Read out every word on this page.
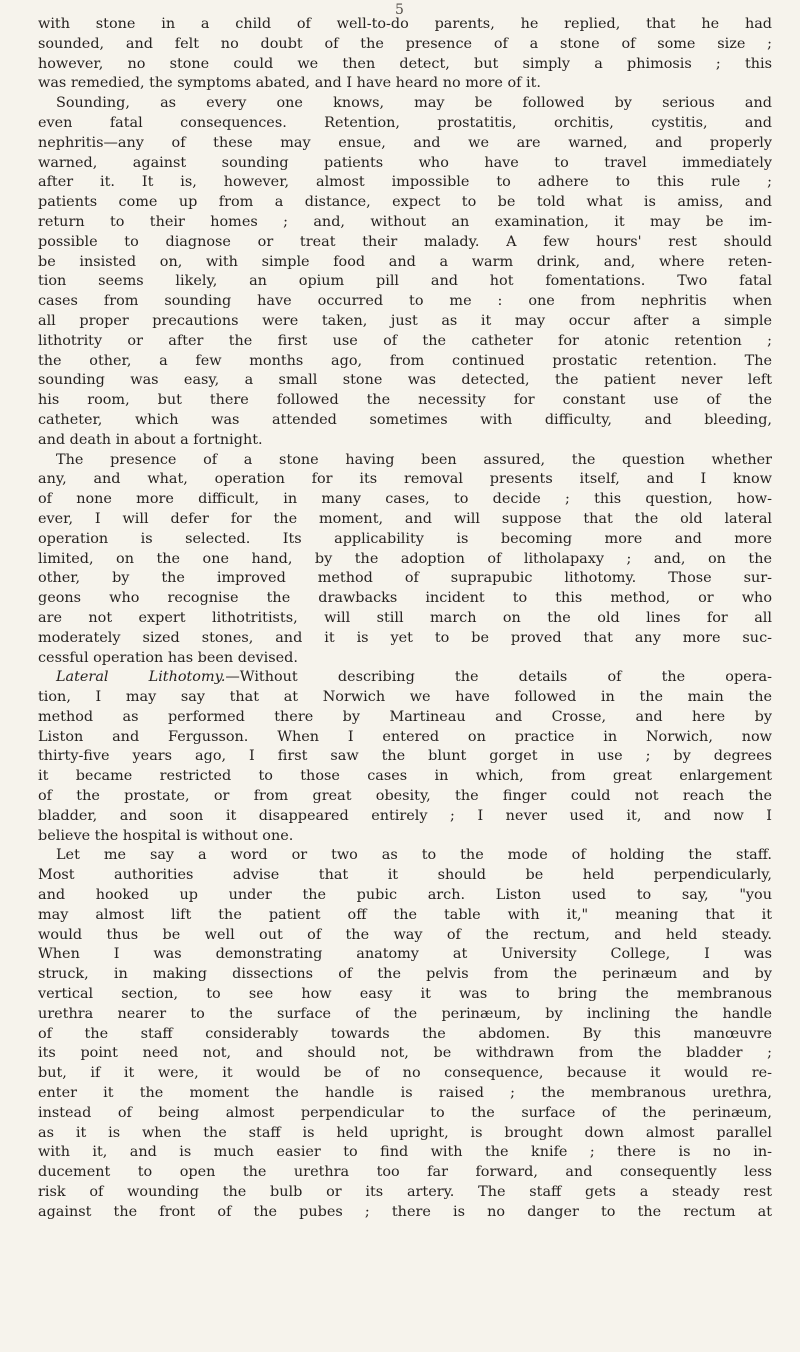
5
with stone in a child of well-to-do parents, he replied, that he had
sounded, and felt no doubt of the presence of a stone of some size ;
however, no stone could we then detect, but simply a phimosis ; this
was remedied, the symptoms abated, and I have heard no more of it.
Sounding, as every one knows, may be followed by serious and
even fatal consequences. Retention, prostatitis, orchitis, cystitis, and
nephritis—any of these may ensue, and we are warned, and properly
warned, against sounding patients who have to travel immediately
after it. It is, however, almost impossible to adhere to this rule ;
patients come up from a distance, expect to be told what is amiss, and
return to their homes ; and, without an examination, it may be im-
possible to diagnose or treat their malady. A few hours' rest should
be insisted on, with simple food and a warm drink, and, where reten-
tion seems likely, an opium pill and hot fomentations. Two fatal
cases from sounding have occurred to me : one from nephritis when
all proper precautions were taken, just as it may occur after a simple
lithotrity or after the first use of the catheter for atonic retention ;
the other, a few months ago, from continued prostatic retention. The
sounding was easy, a small stone was detected, the patient never left
his room, but there followed the necessity for constant use of the
catheter, which was attended sometimes with difficulty, and bleeding,
and death in about a fortnight.
The presence of a stone having been assured, the question whether
any, and what, operation for its removal presents itself, and I know
of none more difficult, in many cases, to decide ; this question, how-
ever, I will defer for the moment, and will suppose that the old lateral
operation is selected. Its applicability is becoming more and more
limited, on the one hand, by the adoption of litholapaxy ; and, on the
other, by the improved method of suprapubic lithotomy. Those sur-
geons who recognise the drawbacks incident to this method, or who
are not expert lithotritists, will still march on the old lines for all
moderately sized stones, and it is yet to be proved that any more suc-
cessful operation has been devised.
Lateral Lithotomy.—Without describing the details of the opera-
tion, I may say that at Norwich we have followed in the main the
method as performed there by Martineau and Crosse, and here by
Liston and Fergusson. When I entered on practice in Norwich, now
thirty-five years ago, I first saw the blunt gorget in use ; by degrees
it became restricted to those cases in which, from great enlargement
of the prostate, or from great obesity, the finger could not reach the
bladder, and soon it disappeared entirely ; I never used it, and now I
believe the hospital is without one.
Let me say a word or two as to the mode of holding the staff.
Most authorities advise that it should be held perpendicularly,
and hooked up under the pubic arch. Liston used to say, "you
may almost lift the patient off the table with it," meaning that it
would thus be well out of the way of the rectum, and held steady.
When I was demonstrating anatomy at University College, I was
struck, in making dissections of the pelvis from the perinæum and by
vertical section, to see how easy it was to bring the membranous
urethra nearer to the surface of the perinæum, by inclining the handle
of the staff considerably towards the abdomen. By this manœuvre
its point need not, and should not, be withdrawn from the bladder ;
but, if it were, it would be of no consequence, because it would re-
enter it the moment the handle is raised ; the membranous urethra,
instead of being almost perpendicular to the surface of the perinæum,
as it is when the staff is held upright, is brought down almost parallel
with it, and is much easier to find with the knife ; there is no in-
ducement to open the urethra too far forward, and consequently less
risk of wounding the bulb or its artery. The staff gets a steady rest
against the front of the pubes ; there is no danger to the rectum at
